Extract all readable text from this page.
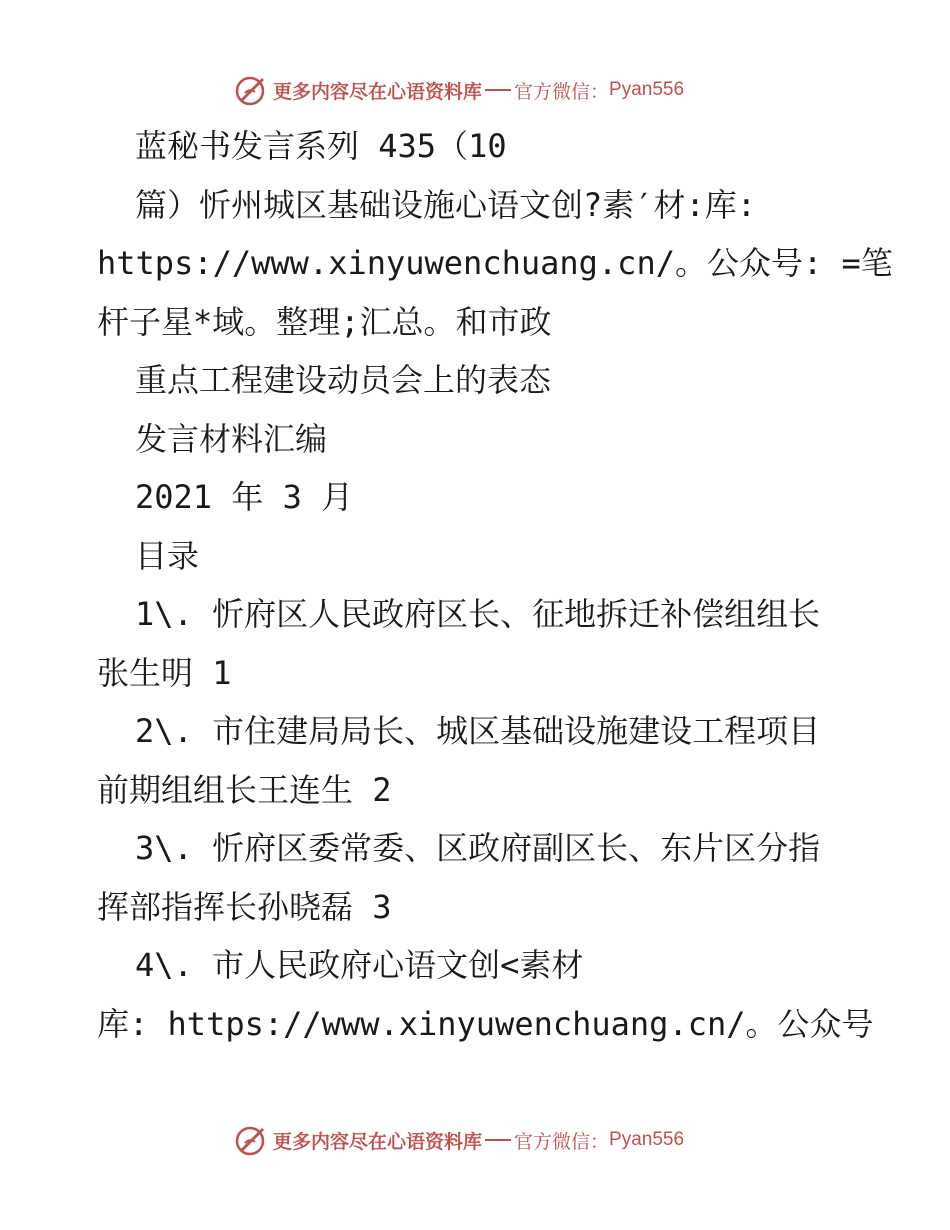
更多内容尽在心语资料库 官方微信： Pyan556
蓝秘书发言系列 435（10
篇）忻州城区基础设施心语文创?素′材:库:
https://www.xinyuwenchuang.cn/。公众号: =笔
杆子星*域。整理;汇总。和市政
重点工程建设动员会上的表态
发言材料汇编
2021 年 3 月
目录
1\. 忻府区人民政府区长、征地拆迁补偿组组长
张生明 1
2\. 市住建局局长、城区基础设施建设工程项目
前期组组长王连生 2
3\. 忻府区委常委、区政府副区长、东片区分指
挥部指挥长孙晓磊 3
4\. 市人民政府心语文创<素材
库: https://www.xinyuwenchuang.cn/。公众号
更多内容尽在心语资料库 官方微信： Pyan556
